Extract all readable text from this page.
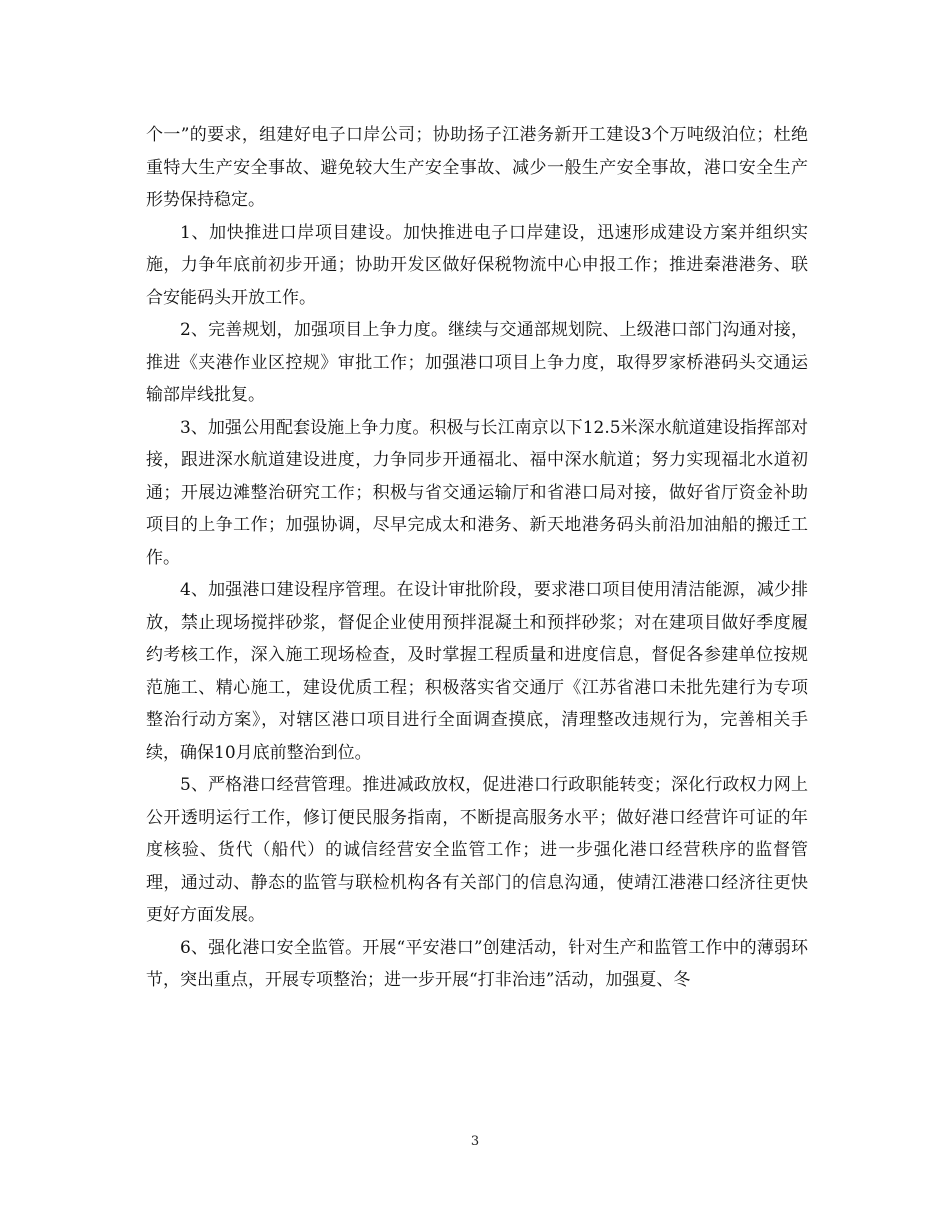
个一”的要求，组建好电子口岸公司；协助扬子江港务新开工建设3个万吨级泊位；杜绝重特大生产安全事故、避免较大生产安全事故、减少一般生产安全事故，港口安全生产形势保持稳定。

1、加快推进口岸项目建设。加快推进电子口岸建设，迅速形成建设方案并组织实施，力争年底前初步开通；协助开发区做好保税物流中心申报工作；推进秦港港务、联合安能码头开放工作。

2、完善规划，加强项目上争力度。继续与交通部规划院、上级港口部门沟通对接，推进《夹港作业区控规》审批工作；加强港口项目上争力度，取得罗家桥港码头交通运输部岸线批复。

3、加强公用配套设施上争力度。积极与长江南京以下12.5米深水航道建设指挥部对接，跟进深水航道建设进度，力争同步开通福北、福中深水航道；努力实现福北水道初通；开展边滩整治研究工作；积极与省交通运输厅和省港口局对接，做好省厅资金补助项目的上争工作；加强协调，尽早完成太和港务、新天地港务码头前沿加油船的搬迁工作。

4、加强港口建设程序管理。在设计审批阶段，要求港口项目使用清洁能源，减少排放，禁止现场搅拌砂浆，督促企业使用预拌混凝土和预拌砂浆；对在建项目做好季度履约考核工作，深入施工现场检查，及时掌握工程质量和进度信息，督促各参建单位按规范施工、精心施工，建设优质工程；积极落实省交通厅《江苏省港口未批先建行为专项整治行动方案》，对辖区港口项目进行全面调查摸底，清理整改违规行为，完善相关手续，确保10月底前整治到位。

5、严格港口经营管理。推进减政放权，促进港口行政职能转变；深化行政权力网上公开透明运行工作，修订便民服务指南，不断提高服务水平；做好港口经营许可证的年度核验、货代（船代）的诚信经营安全监管工作；进一步强化港口经营秩序的监督管理，通过动、静态的监管与联检机构各有关部门的信息沟通，使靖江港港口经济往更快更好方面发展。

6、强化港口安全监管。开展“平安港口”创建活动，针对生产和监管工作中的薄弱环节，突出重点，开展专项整治；进一步开展“打非治违”活动，加强夏、冬

3
